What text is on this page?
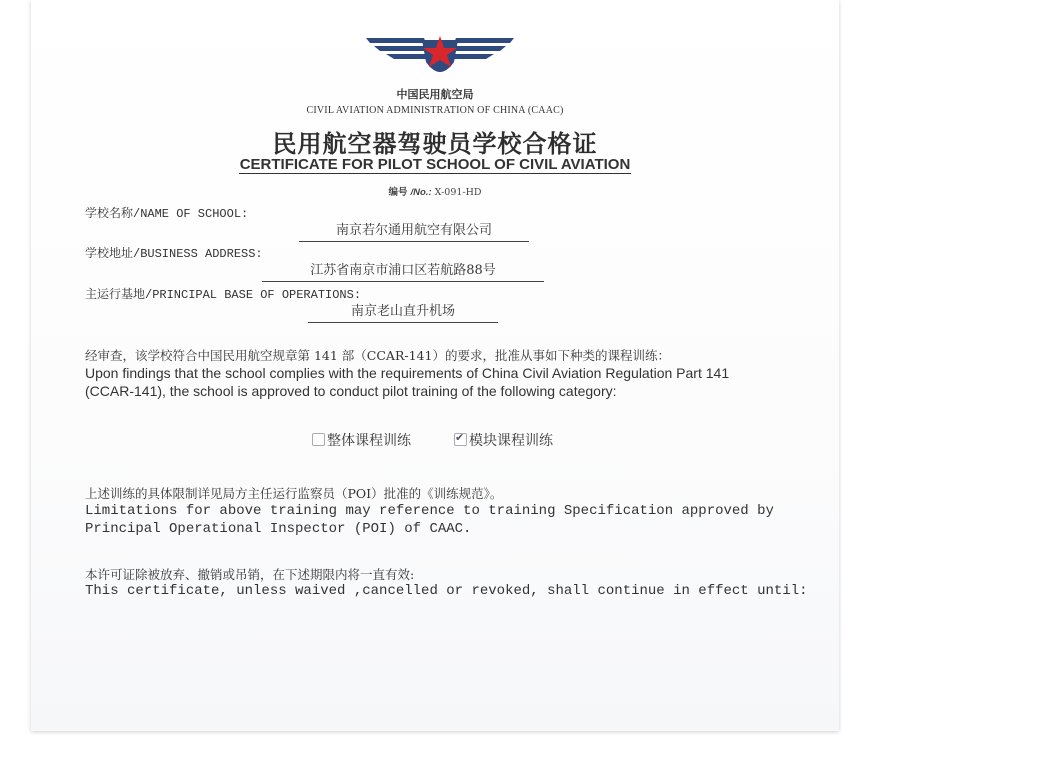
中国民用航空局
CIVIL AVIATION ADMINISTRATION OF CHINA (CAAC)
民用航空器驾驶员学校合格证
CERTIFICATE FOR PILOT SCHOOL OF CIVIL AVIATION
编号 /No.: X-091-HD
学校名称/NAME OF SCHOOL:
南京若尔通用航空有限公司
学校地址/BUSINESS ADDRESS:
江苏省南京市浦口区若航路88号
主运行基地/PRINCIPAL BASE OF OPERATIONS:
南京老山直升机场
经审查，该学校符合中国民用航空规章第 141 部（CCAR-141）的要求，批准从事如下种类的课程训练：
Upon findings that the school complies with the requirements of China Civil Aviation Regulation Part 141
(CCAR-141), the school is approved to conduct pilot training of the following category:
整体课程训练
✔	模块课程训练
上述训练的具体限制详见局方主任运行监察员（POI）批准的《训练规范》。
Limitations for above training may reference to training Specification approved by
Principal Operational Inspector (POI) of CAAC.
本许可证除被放弃、撤销或吊销，在下述期限内将一直有效:
This certificate, unless waived ,cancelled or revoked, shall continue in effect until:
